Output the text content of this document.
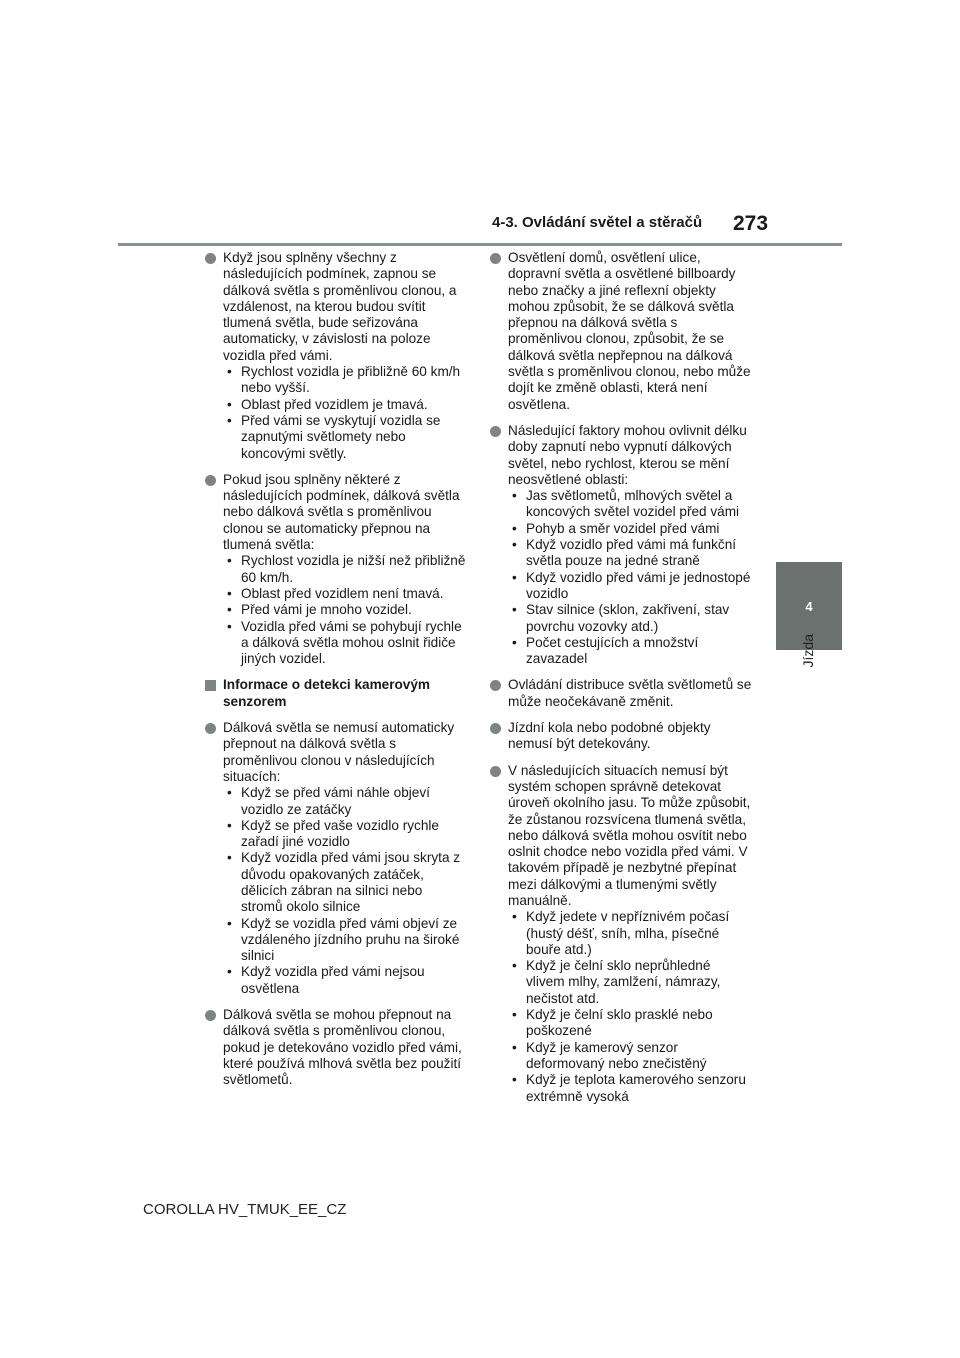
4-3. Ovládání světel a stěračů 273
4
Jízda
Když jsou splněny všechny z následujících podmínek, zapnou se dálková světla s proměnlivou clonou, a vzdálenost, na kterou budou svítit tlumená světla, bude seřizována automaticky, v závislosti na poloze vozidla před vámi.
• Rychlost vozidla je přibližně 60 km/h nebo vyšší.
• Oblast před vozidlem je tmavá.
• Před vámi se vyskytují vozidla se zapnutými světlomety nebo koncovými světly.
Pokud jsou splněny některé z následujících podmínek, dálková světla nebo dálková světla s proměnlivou clonou se automaticky přepnou na tlumená světla:
• Rychlost vozidla je nižší než přibližně 60 km/h.
• Oblast před vozidlem není tmavá.
• Před vámi je mnoho vozidel.
• Vozidla před vámi se pohybují rychle a dálková světla mohou oslnit řidiče jiných vozidel.
Informace o detekci kamerovým senzorem
Dálková světla se nemusí automaticky přepnout na dálková světla s proměnlivou clonou v následujících situacích:
• Když se před vámi náhle objeví vozidlo ze zatáčky
• Když se před vaše vozidlo rychle zařadí jiné vozidlo
• Když vozidla před vámi jsou skryta z důvodu opakovaných zatáček, dělicích zábran na silnici nebo stromů okolo silnice
• Když se vozidla před vámi objeví ze vzdáleného jízdního pruhu na široké silnici
• Když vozidla před vámi nejsou osvětlena
Dálková světla se mohou přepnout na dálková světla s proměnlivou clonou, pokud je detekováno vozidlo před vámi, které používá mlhová světla bez použití světlometů.
Osvětlení domů, osvětlení ulice, dopravní světla a osvětlené billboardy nebo značky a jiné reflexní objekty mohou způsobit, že se dálková světla přepnou na dálková světla s proměnlivou clonou, způsobit, že se dálková světla nepřepnou na dálková světla s proměnlivou clonou, nebo může dojít ke změně oblasti, která není osvětlena.
Následující faktory mohou ovlivnit délku doby zapnutí nebo vypnutí dálkových světel, nebo rychlost, kterou se mění neosvětlené oblasti:
• Jas světlometů, mlhových světel a koncových světel vozidel před vámi
• Pohyb a směr vozidel před vámi
• Když vozidlo před vámi má funkční světla pouze na jedné straně
• Když vozidlo před vámi je jednostopé vozidlo
• Stav silnice (sklon, zakřivení, stav povrchu vozovky atd.)
• Počet cestujících a množství zavazadel
Ovládání distribuce světla světlometů se může neočekávaně změnit.
Jízdní kola nebo podobné objekty nemusí být detekovány.
V následujících situacích nemusí být systém schopen správně detekovat úroveň okolního jasu. To může způsobit, že zůstanou rozsvícena tlumená světla, nebo dálková světla mohou osvítit nebo oslnit chodce nebo vozidla před vámi. V takovém případě je nezbytné přepínat mezi dálkovými a tlumenými světly manuálně.
• Když jedete v nepříznivém počasí (hustý déšť, sníh, mlha, písečné bouře atd.)
• Když je čelní sklo neprůhledné vlivem mlhy, zamlžení, námrazy, nečistot atd.
• Když je čelní sklo prasklé nebo poškozené
• Když je kamerový senzor deformovaný nebo znečistěný
• Když je teplota kamerového senzoru extrémně vysoká
COROLLA HV_TMUK_EE_CZ
